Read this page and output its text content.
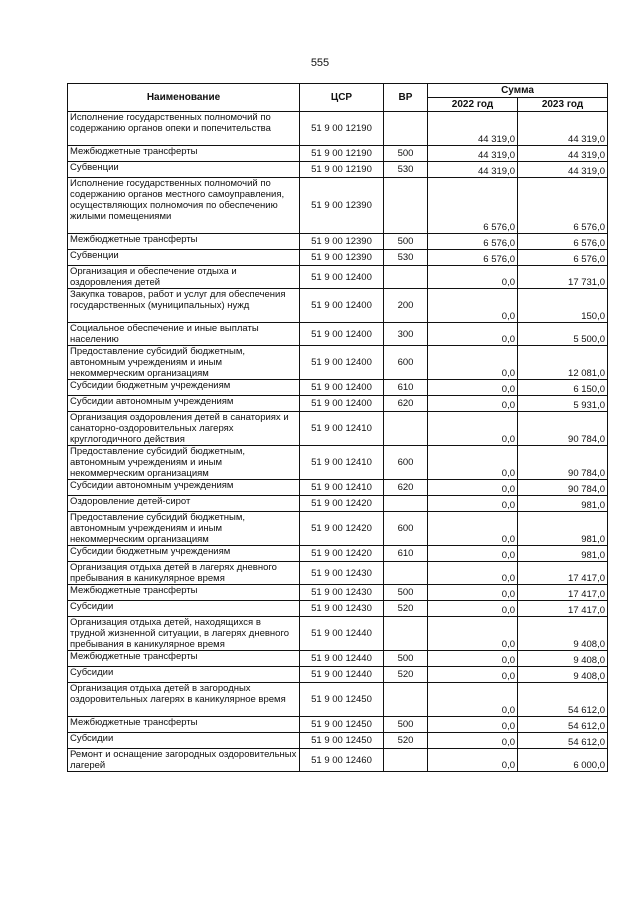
555
Наименование	ЦСР	ВР	Сумма	
			2022 год	2023 год
Исполнение государственных полномочий по содержанию органов опеки и попечительства	51 9 00 12190		44 319,0	44 319,0
Межбюджетные трансферты	51 9 00 12190	500	44 319,0	44 319,0
Субвенции	51 9 00 12190	530	44 319,0	44 319,0
Исполнение государственных полномочий по содержанию органов местного самоуправления, осуществляющих полномочия по обеспечению жилыми помещениями	51 9 00 12390		6 576,0	6 576,0
Межбюджетные трансферты	51 9 00 12390	500	6 576,0	6 576,0
Субвенции	51 9 00 12390	530	6 576,0	6 576,0
Организация и обеспечение отдыха и оздоровления детей	51 9 00 12400		0,0	17 731,0
Закупка товаров, работ и услуг для обеспечения государственных (муниципальных) нужд	51 9 00 12400	200	0,0	150,0
Социальное обеспечение и иные выплаты населению	51 9 00 12400	300	0,0	5 500,0
Предоставление субсидий бюджетным, автономным учреждениям и иным некоммерческим организациям	51 9 00 12400	600	0,0	12 081,0
Субсидии бюджетным учреждениям	51 9 00 12400	610	0,0	6 150,0
Субсидии автономным учреждениям	51 9 00 12400	620	0,0	5 931,0
Организация оздоровления детей в санаториях и санаторно-оздоровительных лагерях круглогодичного действия	51 9 00 12410		0,0	90 784,0
Предоставление субсидий бюджетным, автономным учреждениям и иным некоммерческим организациям	51 9 00 12410	600	0,0	90 784,0
Субсидии автономным учреждениям	51 9 00 12410	620	0,0	90 784,0
Оздоровление детей-сирот	51 9 00 12420		0,0	981,0
Предоставление субсидий бюджетным, автономным учреждениям и иным некоммерческим организациям	51 9 00 12420	600	0,0	981,0
Субсидии бюджетным учреждениям	51 9 00 12420	610	0,0	981,0
Организация отдыха детей в лагерях дневного пребывания в каникулярное время	51 9 00 12430		0,0	17 417,0
Межбюджетные трансферты	51 9 00 12430	500	0,0	17 417,0
Субсидии	51 9 00 12430	520	0,0	17 417,0
Организация отдыха детей, находящихся в трудной жизненной ситуации, в лагерях дневного пребывания в каникулярное время	51 9 00 12440		0,0	9 408,0
Межбюджетные трансферты	51 9 00 12440	500	0,0	9 408,0
Субсидии	51 9 00 12440	520	0,0	9 408,0
Организация отдыха детей в загородных оздоровительных лагерях в каникулярное время	51 9 00 12450		0,0	54 612,0
Межбюджетные трансферты	51 9 00 12450	500	0,0	54 612,0
Субсидии	51 9 00 12450	520	0,0	54 612,0
Ремонт и оснащение загородных оздоровительных лагерей	51 9 00 12460		0,0	6 000,0
